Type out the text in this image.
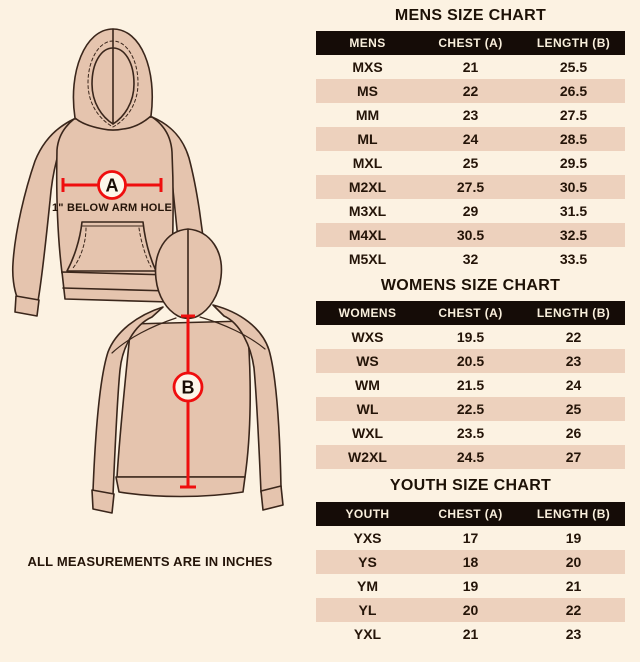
A
1" BELOW ARM HOLE
B
ALL MEASUREMENTS ARE IN INCHES
MENS SIZE CHART
MENS	CHEST (A)	LENGTH (B)
MXS	21	25.5
MS	22	26.5
MM	23	27.5
ML	24	28.5
MXL	25	29.5
M2XL	27.5	30.5
M3XL	29	31.5
M4XL	30.5	32.5
M5XL	32	33.5
WOMENS SIZE CHART
WOMENS	CHEST (A)	LENGTH (B)
WXS	19.5	22
WS	20.5	23
WM	21.5	24
WL	22.5	25
WXL	23.5	26
W2XL	24.5	27
YOUTH SIZE CHART
YOUTH	CHEST (A)	LENGTH (B)
YXS	17	19
YS	18	20
YM	19	21
YL	20	22
YXL	21	23
